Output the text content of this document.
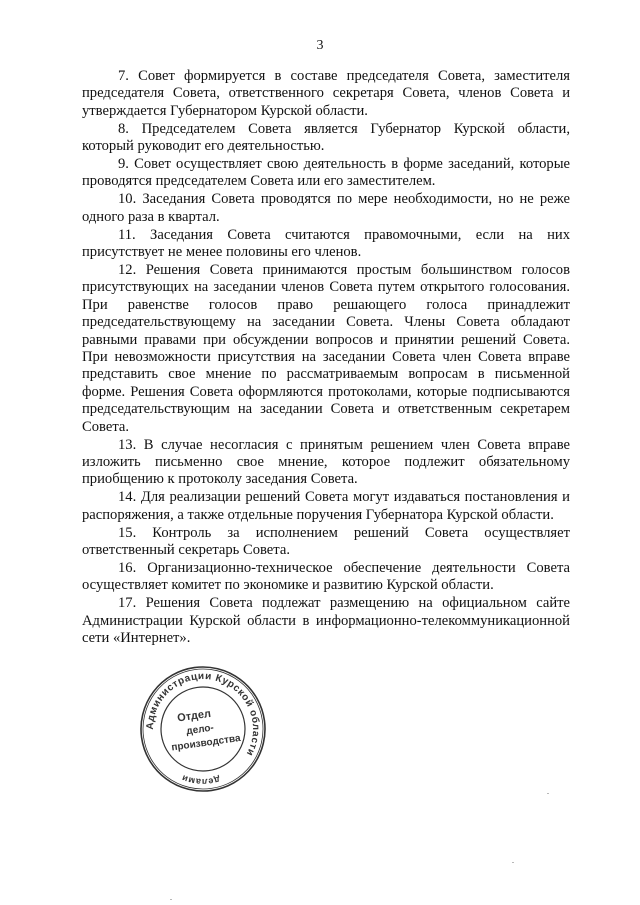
3

7. Совет формируется в составе председателя Совета, заместителя председателя Совета, ответственного секретаря Совета, членов Совета и утверждается Губернатором Курской области.

8. Председателем Совета является Губернатор Курской области, который руководит его деятельностью.

9. Совет осуществляет свою деятельность в форме заседаний, которые проводятся председателем Совета или его заместителем.

10. Заседания Совета проводятся по мере необходимости, но не реже одного раза в квартал.

11. Заседания Совета считаются правомочными, если на них присутствует не менее половины его членов.

12. Решения Совета принимаются простым большинством голосов присутствующих на заседании членов Совета путем открытого голосования. При равенстве голосов право решающего голоса принадлежит председательствующему на заседании Совета. Члены Совета обладают равными правами при обсуждении вопросов и принятии решений Совета. При невозможности присутствия на заседании Совета член Совета вправе представить свое мнение по рассматриваемым вопросам в письменной форме. Решения Совета оформляются протоколами, которые подписываются председательствующим на заседании Совета и ответственным секретарем Совета.

13. В случае несогласия с принятым решением член Совета вправе изложить письменно свое мнение, которое подлежит обязательному приобщению к протоколу заседания Совета.

14. Для реализации решений Совета могут издаваться постановления и распоряжения, а также отдельные поручения Губернатора Курской области.

15. Контроль за исполнением решений Совета осуществляет ответственный секретарь Совета.

16. Организационно-техническое обеспечение деятельности Совета осуществляет комитет по экономике и развитию Курской области.

17. Решения Совета подлежат размещению на официальном сайте Администрации Курской области в информационно-телекоммуникационной сети «Интернет».

Администрации Курской области
делами
Отдел
дело-
производства
